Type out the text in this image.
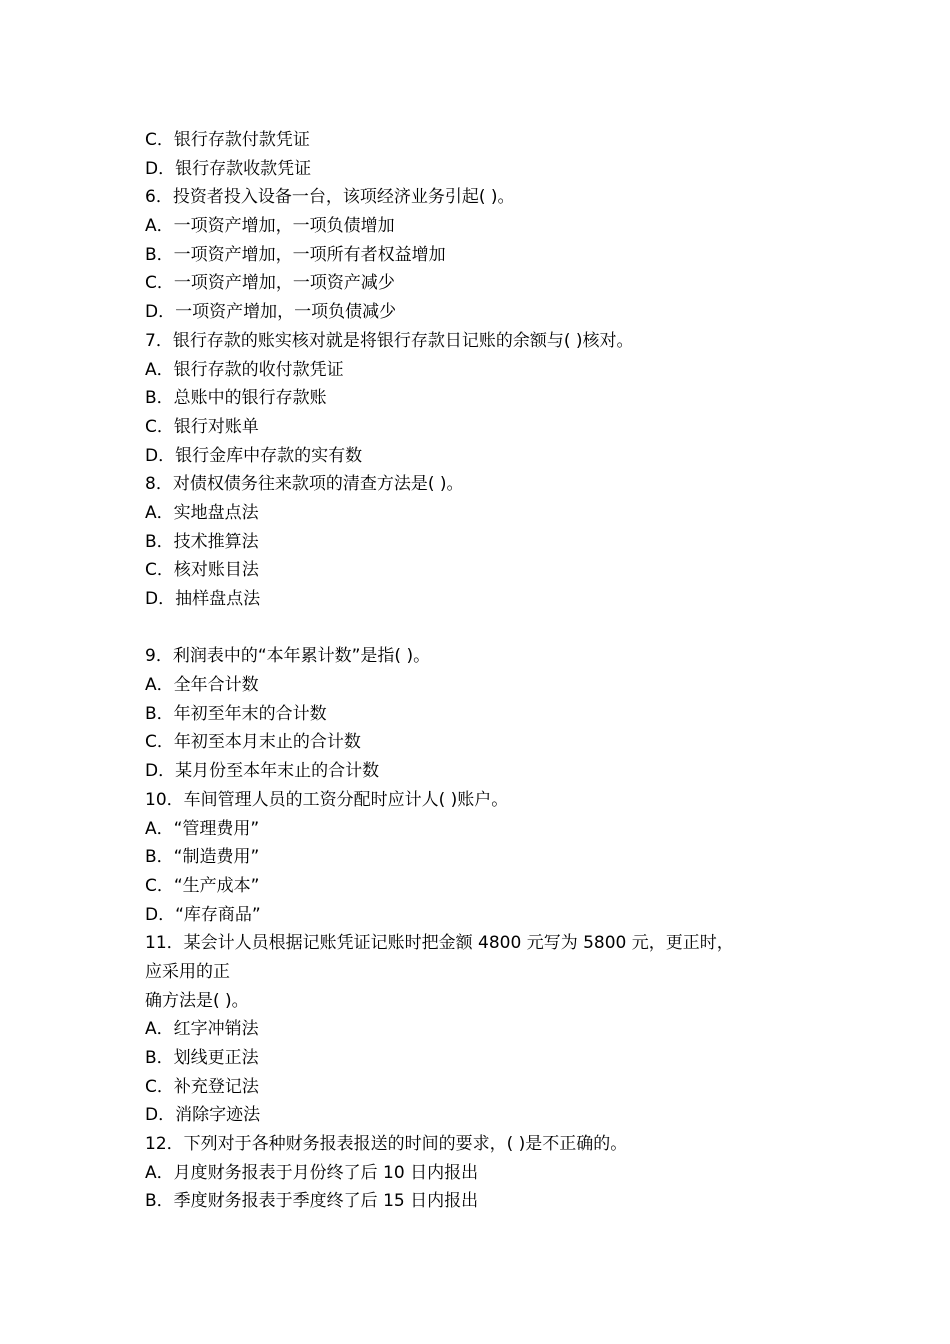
C．银行存款付款凭证

D．银行存款收款凭证

6．投资者投入设备一台，该项经济业务引起( )。

A．一项资产增加，一项负债增加

B．一项资产增加，一项所有者权益增加

C．一项资产增加，一项资产减少

D．一项资产增加，一项负债减少

7．银行存款的账实核对就是将银行存款日记账的余额与( )核对。

A．银行存款的收付款凭证

B．总账中的银行存款账

C．银行对账单

D．银行金库中存款的实有数

8．对债权债务往来款项的清查方法是( )。

A．实地盘点法

B．技术推算法

C．核对账目法

D．抽样盘点法

9．利润表中的“本年累计数”是指( )。

A．全年合计数

B．年初至年末的合计数

C．年初至本月末止的合计数

D．某月份至本年末止的合计数

10．车间管理人员的工资分配时应计人( )账户。

A．“管理费用”

B．“制造费用”

C．“生产成本”

D．“库存商品”

11．某会计人员根据记账凭证记账时把金额 4800 元写为 5800 元，更正时，

应采用的正

确方法是( )。

A．红字冲销法

B．划线更正法

C．补充登记法

D．消除字迹法

12．下列对于各种财务报表报送的时间的要求，( )是不正确的。

A．月度财务报表于月份终了后 10 日内报出

B．季度财务报表于季度终了后 15 日内报出
